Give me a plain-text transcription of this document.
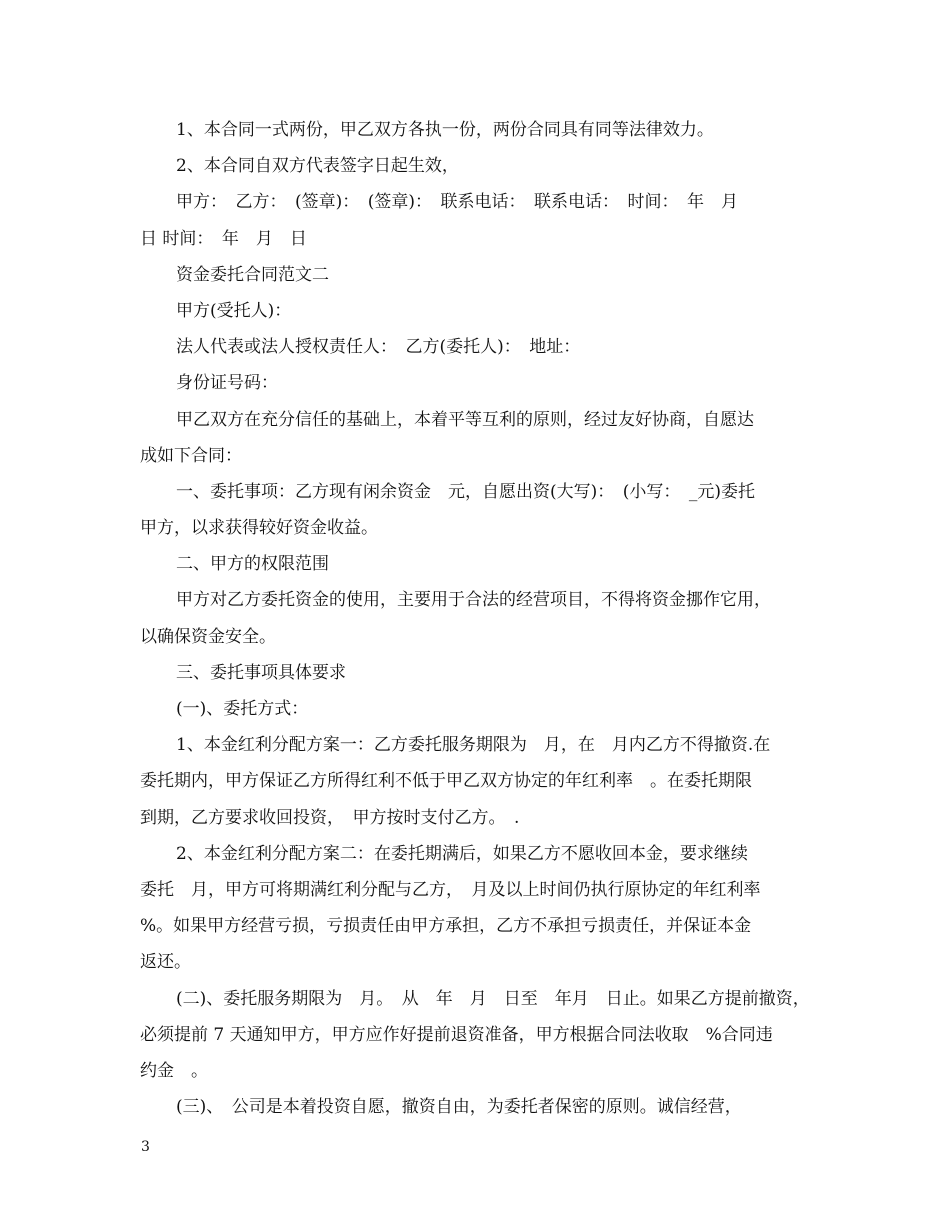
1、本合同一式两份，甲乙双方各执一份，两份合同具有同等法律效力。
2、本合同自双方代表签字日起生效，
甲方：　乙方：　(签章)：　(签章)：　联系电话：　联系电话：　时间：　年　月
日 时间：　年　月　日
资金委托合同范文二
甲方(受托人)：
法人代表或法人授权责任人：　乙方(委托人)：　地址：
身份证号码：
甲乙双方在充分信任的基础上，本着平等互利的原则，经过友好协商，自愿达
成如下合同：
一、委托事项：乙方现有闲余资金　元，自愿出资(大写)：　(小写：　_元)委托
甲方，以求获得较好资金收益。
二、甲方的权限范围
甲方对乙方委托资金的使用，主要用于合法的经营项目，不得将资金挪作它用，
以确保资金安全。
三、委托事项具体要求
(一)、委托方式：
1、本金红利分配方案一：乙方委托服务期限为　月，在　月内乙方不得撤资.在
委托期内，甲方保证乙方所得红利不低于甲乙双方协定的年红利率　。在委托期限
到期，乙方要求收回投资，　甲方按时支付乙方。　.
2、本金红利分配方案二：在委托期满后，如果乙方不愿收回本金，要求继续
委托　月，甲方可将期满红利分配与乙方，　月及以上时间仍执行原协定的年红利率
%。如果甲方经营亏损，亏损责任由甲方承担，乙方不承担亏损责任，并保证本金
返还。
(二)、委托服务期限为　月。　从　年　月　日至　年月　日止。如果乙方提前撤资，
必须提前 7 天通知甲方，甲方应作好提前退资准备，甲方根据合同法收取　%合同违
约金　。
(三)、　公司是本着投资自愿，撤资自由，为委托者保密的原则。诚信经营，
3
